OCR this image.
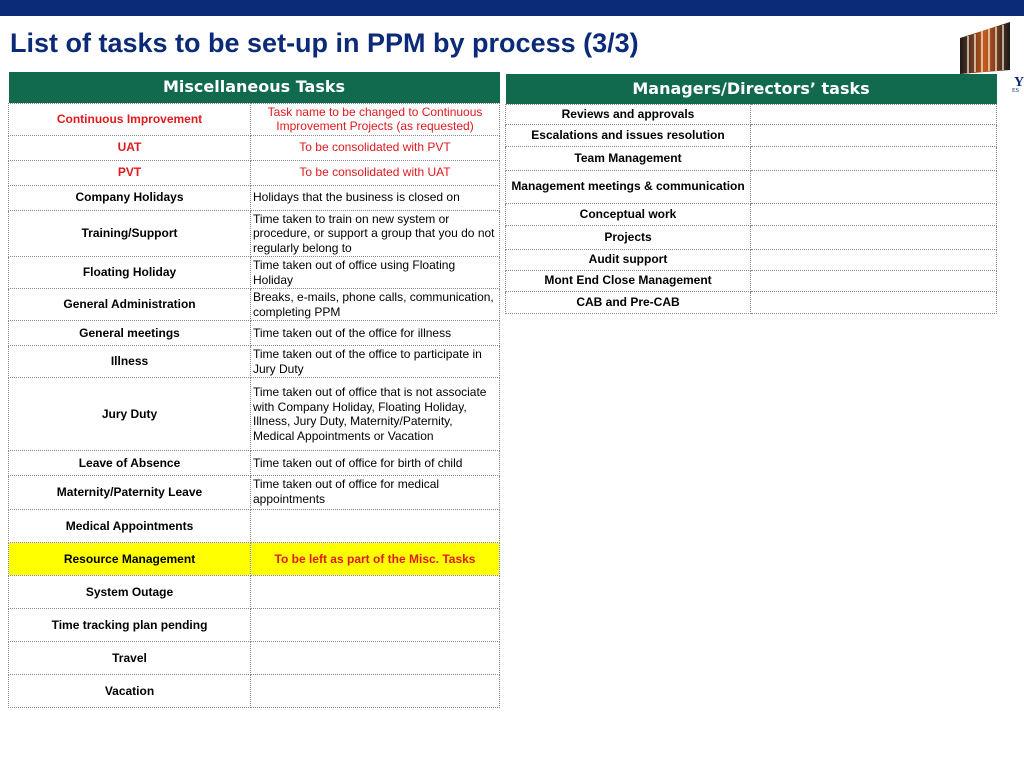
List of tasks to be set-up in PPM by process (3/3)
Y
ES
Miscellaneous Tasks	
Continuous Improvement	Task name to be changed to Continuous Improvement Projects (as requested)
UAT	To be consolidated with PVT
PVT	To be consolidated with UAT
Company Holidays	Holidays that the business is closed on
Training/Support	Time taken to train on new system or procedure, or support a group that you do not regularly belong to
Floating Holiday	Time taken out of office using Floating Holiday
General Administration	Breaks, e-mails, phone calls, communication, completing PPM
General meetings	Time taken out of the office for illness
Illness	Time taken out of the office to participate in Jury Duty
Jury Duty	Time taken out of office that is not associate with Company Holiday, Floating Holiday, Illness, Jury Duty, Maternity/Paternity, Medical Appointments or Vacation
Leave of Absence	Time taken out of office for birth of child
Maternity/Paternity Leave	Time taken out of office for medical appointments
Medical Appointments	
Resource Management	To be left as part of the Misc. Tasks
System Outage	
Time tracking plan pending	
Travel	
Vacation	
Managers/Directors’ tasks	
Reviews and approvals	
Escalations and issues resolution	
Team Management	
Management meetings & communication	
Conceptual work	
Projects	
Audit support	
Mont End Close Management	
CAB and Pre-CAB	
